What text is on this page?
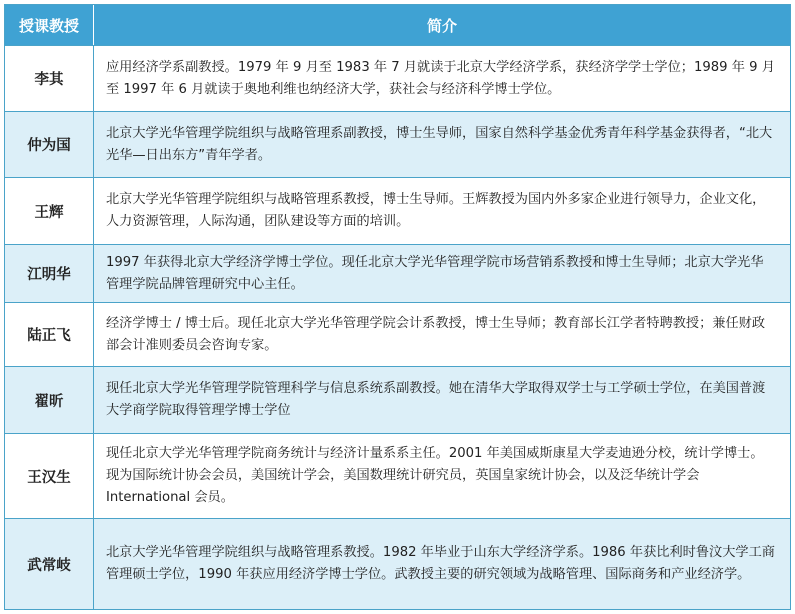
授课教授	简介
李其
应用经济学系副教授。1979 年 9 月至 1983 年 7 月就读于北京大学经济学系，获经济学学士学位；1989 年 9 月至 1997 年 6 月就读于奥地利维也纳经济大学，获社会与经济科学博士学位。
仲为国
北京大学光华管理学院组织与战略管理系副教授，博士生导师，国家自然科学基金优秀青年科学基金获得者，“北大光华—日出东方”青年学者。
王辉
北京大学光华管理学院组织与战略管理系教授，博士生导师。王辉教授为国内外多家企业进行领导力，企业文化，人力资源管理，人际沟通，团队建设等方面的培训。
江明华
1997 年获得北京大学经济学博士学位。现任北京大学光华管理学院市场营销系教授和博士生导师；北京大学光华管理学院品牌管理研究中心主任。
陆正飞
经济学博士 / 博士后。现任北京大学光华管理学院会计系教授，博士生导师；教育部长江学者特聘教授；兼任财政部会计准则委员会咨询专家。
翟昕
现任北京大学光华管理学院管理科学与信息系统系副教授。她在清华大学取得双学士与工学硕士学位，在美国普渡大学商学院取得管理学博士学位
王汉生
现任北京大学光华管理学院商务统计与经济计量系系主任。2001 年美国威斯康星大学麦迪逊分校，统计学博士。现为国际统计协会会员，美国统计学会，美国数理统计研究员，英国皇家统计协会，以及泛华统计学会 International 会员。
武常岐
北京大学光华管理学院组织与战略管理系教授。1982 年毕业于山东大学经济学系。1986 年获比利时鲁汶大学工商管理硕士学位，1990 年获应用经济学博士学位。武教授主要的研究领域为战略管理、国际商务和产业经济学。
